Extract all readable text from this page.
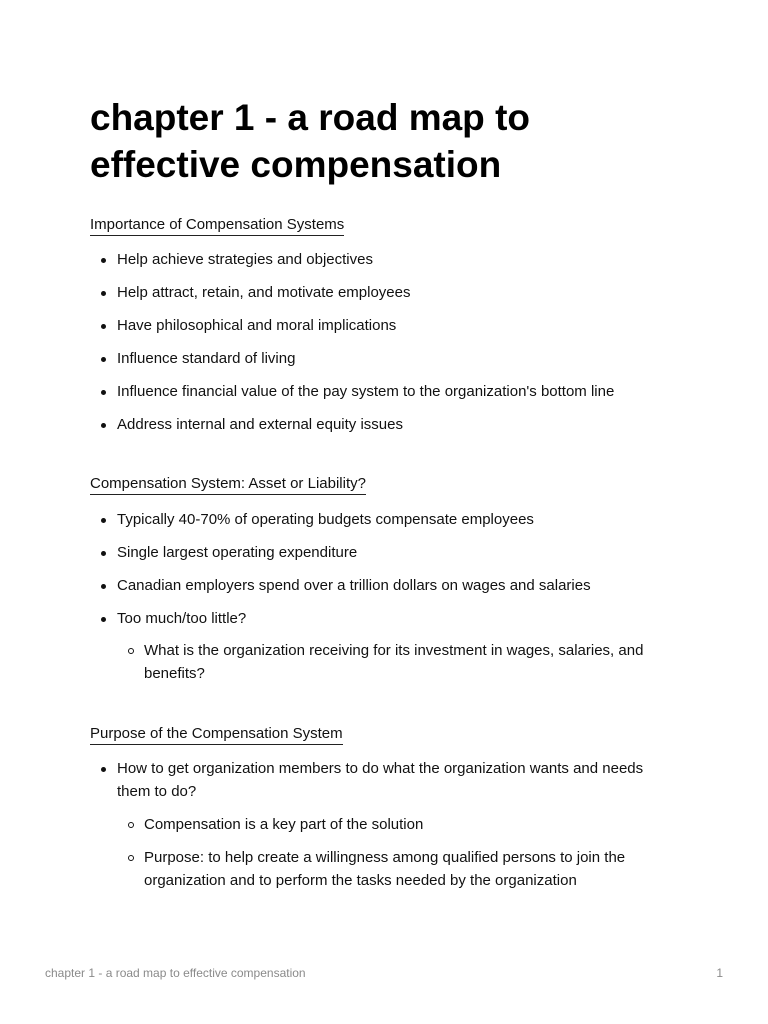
chapter 1 - a road map to effective compensation
Importance of Compensation Systems
Help achieve strategies and objectives
Help attract, retain, and motivate employees
Have philosophical and moral implications
Influence standard of living
Influence financial value of the pay system to the organization's bottom line
Address internal and external equity issues
Compensation System: Asset or Liability?
Typically 40-70% of operating budgets compensate employees
Single largest operating expenditure
Canadian employers spend over a trillion dollars on wages and salaries
Too much/too little?
What is the organization receiving for its investment in wages, salaries, and benefits?
Purpose of the Compensation System
How to get organization members to do what the organization wants and needs them to do?
Compensation is a key part of the solution
Purpose: to help create a willingness among qualified persons to join the organization and to perform the tasks needed by the organization
chapter 1 - a road map to effective compensation	1
